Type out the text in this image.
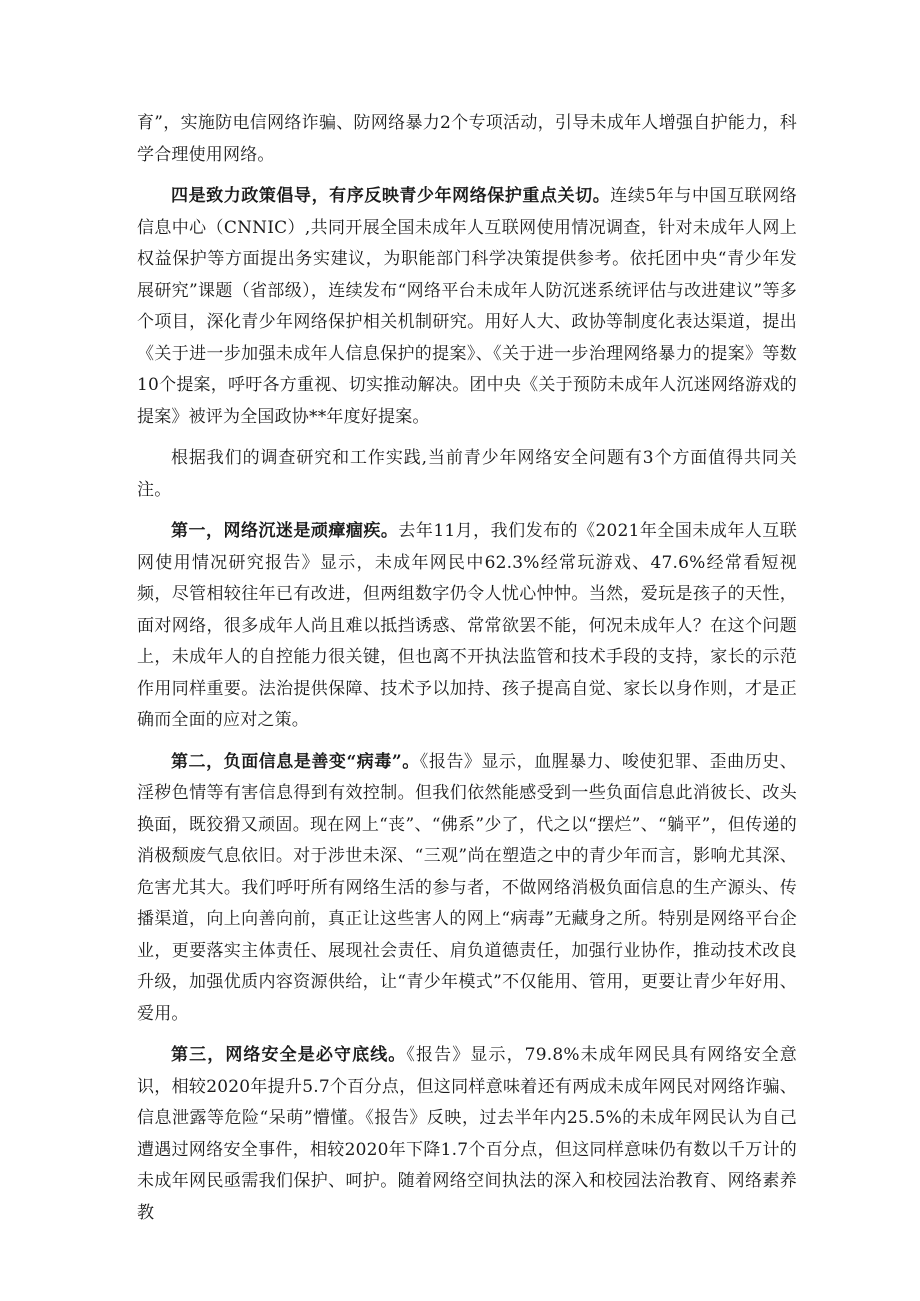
育”，实施防电信网络诈骗、防网络暴力2个专项活动，引导未成年人增强自护能力，科学合理使用网络。

四是致力政策倡导，有序反映青少年网络保护重点关切。连续5年与中国互联网络信息中心（CNNIC）,共同开展全国未成年人互联网使用情况调查，针对未成年人网上权益保护等方面提出务实建议，为职能部门科学决策提供参考。依托团中央“青少年发展研究”课题（省部级），连续发布“网络平台未成年人防沉迷系统评估与改进建议”等多个项目，深化青少年网络保护相关机制研究。用好人大、政协等制度化表达渠道，提出《关于进一步加强未成年人信息保护的提案》、《关于进一步治理网络暴力的提案》等数10个提案，呼吁各方重视、切实推动解决。团中央《关于预防未成年人沉迷网络游戏的提案》被评为全国政协**年度好提案。

根据我们的调查研究和工作实践,当前青少年网络安全问题有3个方面值得共同关注。

第一，网络沉迷是顽瘴痼疾。去年11月，我们发布的《2021年全国未成年人互联网使用情况研究报告》显示，未成年网民中62.3%经常玩游戏、47.6%经常看短视频，尽管相较往年已有改进，但两组数字仍令人忧心忡忡。当然，爱玩是孩子的天性，面对网络，很多成年人尚且难以抵挡诱惑、常常欲罢不能，何况未成年人？在这个问题上，未成年人的自控能力很关键，但也离不开执法监管和技术手段的支持，家长的示范作用同样重要。法治提供保障、技术予以加持、孩子提高自觉、家长以身作则，才是正确而全面的应对之策。

第二，负面信息是善变“病毒”。《报告》显示，血腥暴力、唆使犯罪、歪曲历史、淫秽色情等有害信息得到有效控制。但我们依然能感受到一些负面信息此消彼长、改头换面，既狡猾又顽固。现在网上“丧”、“佛系”少了，代之以“摆烂”、“躺平”，但传递的消极颓废气息依旧。对于涉世未深、“三观”尚在塑造之中的青少年而言，影响尤其深、危害尤其大。我们呼吁所有网络生活的参与者，不做网络消极负面信息的生产源头、传播渠道，向上向善向前，真正让这些害人的网上“病毒”无藏身之所。特别是网络平台企业，更要落实主体责任、展现社会责任、肩负道德责任，加强行业协作，推动技术改良升级，加强优质内容资源供给，让“青少年模式”不仅能用、管用，更要让青少年好用、爱用。

第三，网络安全是必守底线。《报告》显示，79.8%未成年网民具有网络安全意识，相较2020年提升5.7个百分点，但这同样意味着还有两成未成年网民对网络诈骗、信息泄露等危险“呆萌”懵懂。《报告》反映，过去半年内25.5%的未成年网民认为自己遭遇过网络安全事件，相较2020年下降1.7个百分点，但这同样意味仍有数以千万计的未成年网民亟需我们保护、呵护。随着网络空间执法的深入和校园法治教育、网络素养教
